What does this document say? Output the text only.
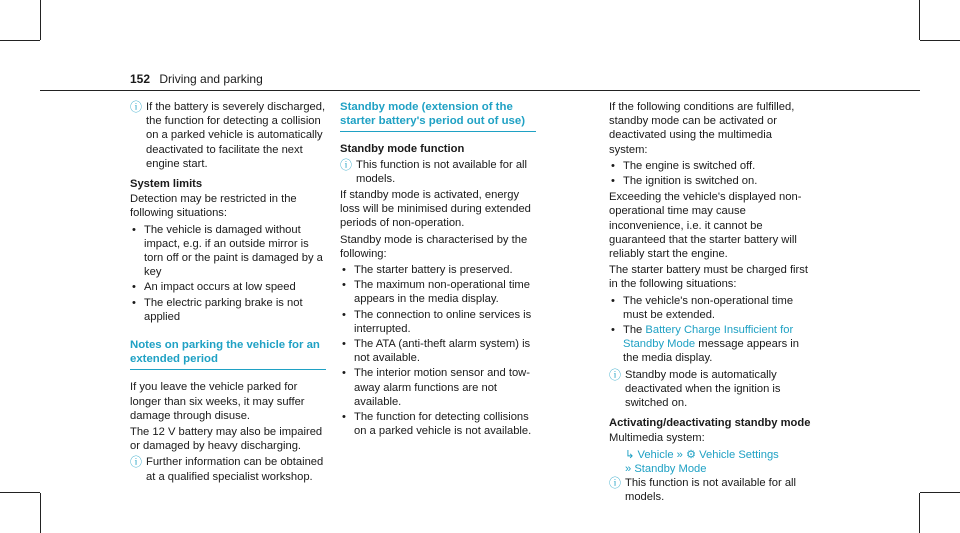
152 Driving and parking
ⓘ If the battery is severely discharged, the function for detecting a collision on a parked vehicle is automatically deactivated to facilitate the next engine start.
System limits

Detection may be restricted in the following situations:

• The vehicle is damaged without impact, e.g. if an outside mirror is torn off or the paint is damaged by a key
• An impact occurs at low speed
• The electric parking brake is not applied
Notes on parking the vehicle for an extended period

If you leave the vehicle parked for longer than six weeks, it may suffer damage through disuse.

The 12 V battery may also be impaired or damaged by heavy discharging.

ⓘ Further information can be obtained at a qualified specialist workshop.
Standby mode (extension of the starter battery's period out of use)
Standby mode function
ⓘ This function is not available for all models.

If standby mode is activated, energy loss will be minimised during extended periods of non-operation.

Standby mode is characterised by the following:

• The starter battery is preserved.
• The maximum non-operational time appears in the media display.
• The connection to online services is interrupted.
• The ATA (anti-theft alarm system) is not available.
• The interior motion sensor and tow-away alarm functions are not available.
• The function for detecting collisions on a parked vehicle is not available.

If the following conditions are fulfilled, standby mode can be activated or deactivated using the multimedia system:

• The engine is switched off.
• The ignition is switched on.

Exceeding the vehicle's displayed non-operational time may cause inconvenience, i.e. it cannot be guaranteed that the starter battery will reliably start the engine.

The starter battery must be charged first in the following situations:

• The vehicle's non-operational time must be extended.
• The Battery Charge Insufficient for Standby Mode message appears in the media display.
ⓘ Standby mode is automatically deactivated when the ignition is switched on.
Activating/deactivating standby mode

Multimedia system:

↳ Vehicle » ⚙ Vehicle Settings
» Standby Mode
ⓘ This function is not available for all models.
